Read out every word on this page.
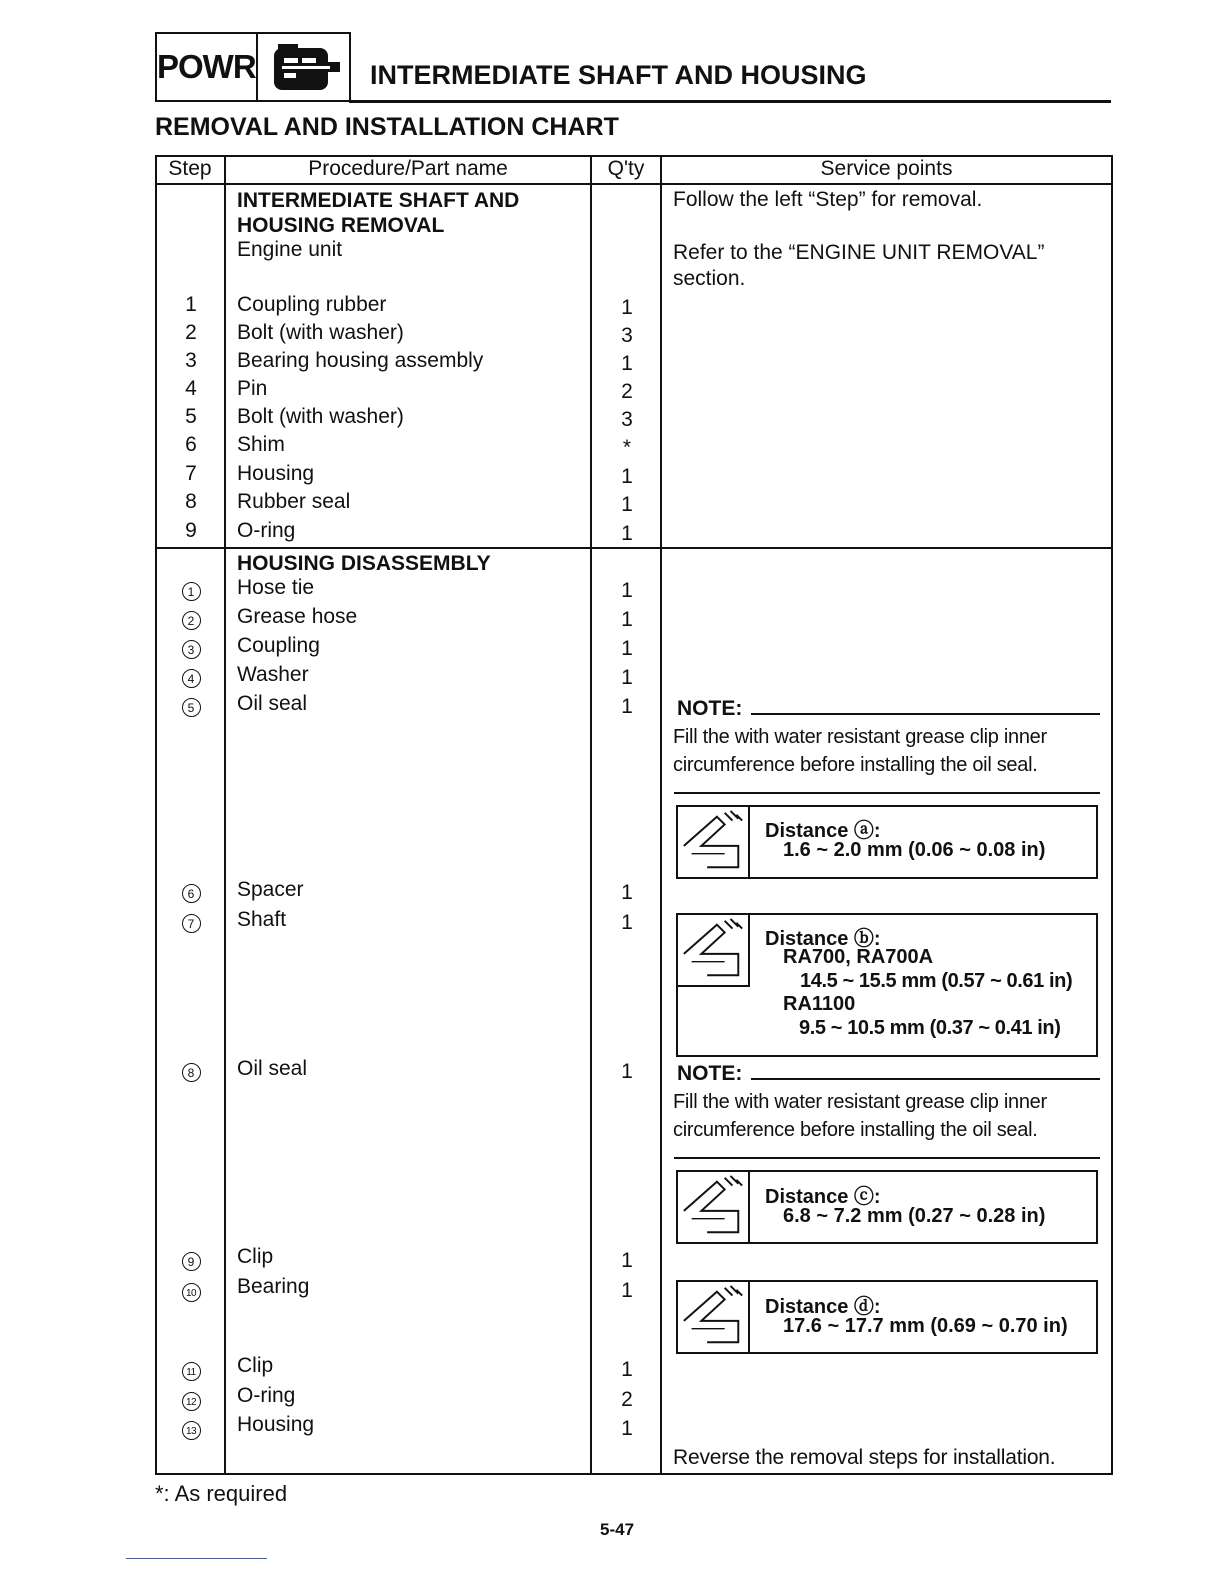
POWR	INTERMEDIATE SHAFT AND HOUSING
REMOVAL AND INSTALLATION CHART
Step	Procedure/Part name	Q'ty	Service points
INTERMEDIATE SHAFT AND
HOUSING REMOVAL
Engine unit
Follow the left “Step” for removal.
Refer to the “ENGINE UNIT REMOVAL”
section.
1	Coupling rubber	1
2	Bolt (with washer)	3
3	Bearing housing assembly	1
4	Pin	2
5	Bolt (with washer)	3
6	Shim	*
7	Housing	1
8	Rubber seal	1
9	O-ring	1
HOUSING DISASSEMBLY
1	Hose tie	1
2	Grease hose	1
3	Coupling	1
4	Washer	1
5	Oil seal	1	NOTE:
Fill the with water resistant grease clip inner
circumference before installing the oil seal.
Distance ⓐ:
1.6 ~ 2.0 mm (0.06 ~ 0.08 in)
6	Spacer	1
7	Shaft	1
Distance ⓑ:
RA700, RA700A
14.5 ~ 15.5 mm (0.57 ~ 0.61 in)
RA1100
9.5 ~ 10.5 mm (0.37 ~ 0.41 in)
8	Oil seal	1	NOTE:
Fill the with water resistant grease clip inner
circumference before installing the oil seal.
Distance ⓒ:
6.8 ~ 7.2 mm (0.27 ~ 0.28 in)
9	Clip	1
10	Bearing	1
Distance ⓓ:
17.6 ~ 17.7 mm (0.69 ~ 0.70 in)
11	Clip	1
12	O-ring	2
13	Housing	1
Reverse the removal steps for installation.
*: As required
5-47
